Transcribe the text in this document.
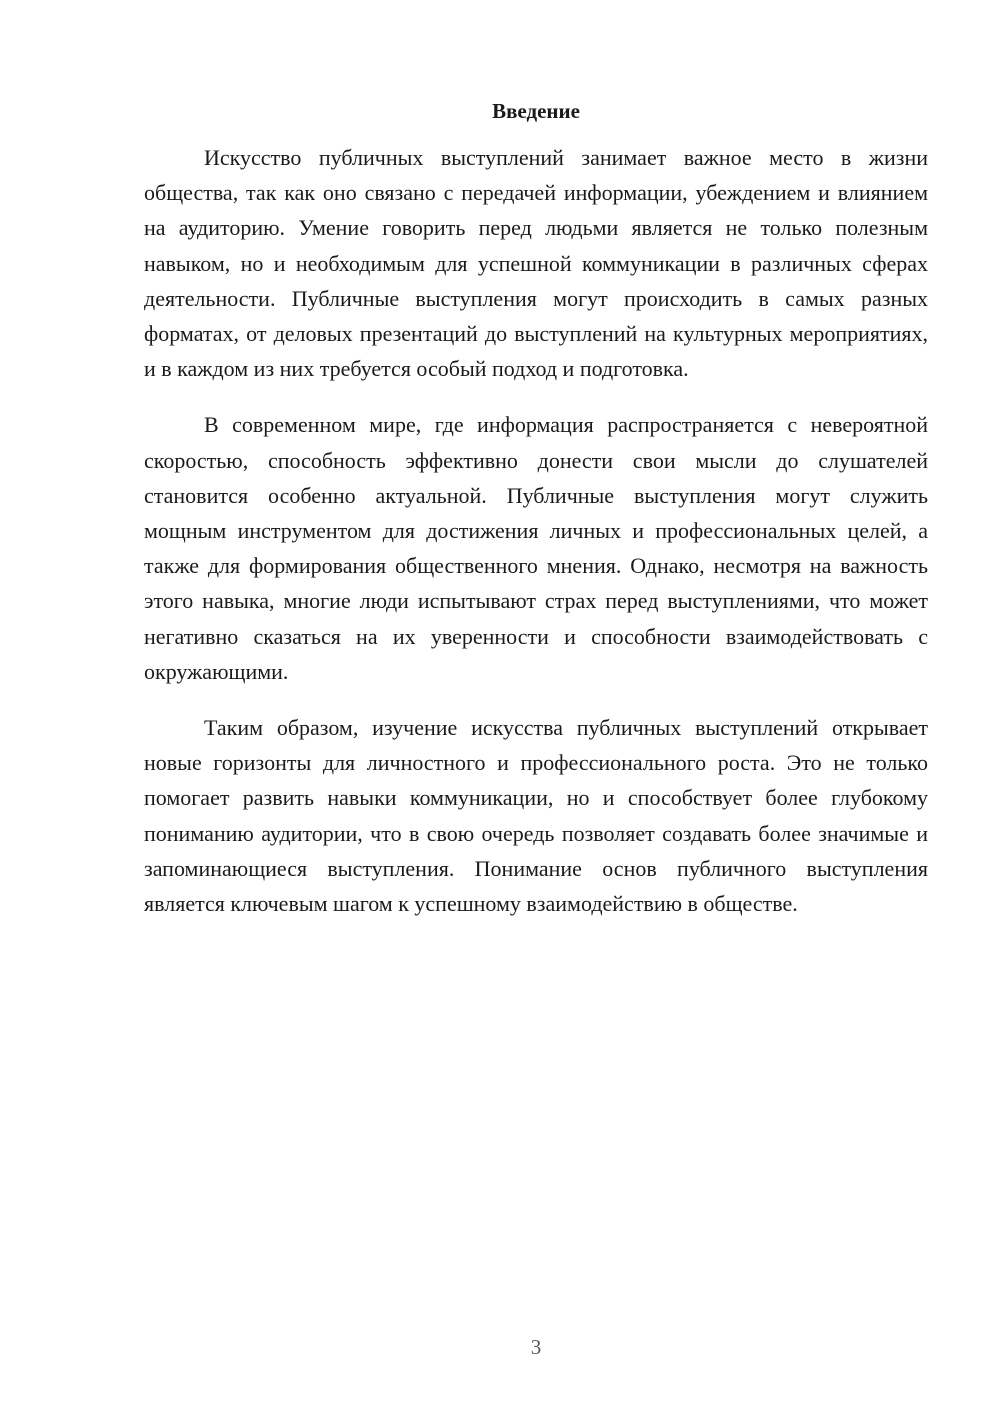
Введение

Искусство публичных выступлений занимает важное место в жизни общества, так как оно связано с передачей информации, убеждением и влиянием на аудиторию. Умение говорить перед людьми является не только полезным навыком, но и необходимым для успешной коммуникации в различных сферах деятельности. Публичные выступления могут происходить в самых разных форматах, от деловых презентаций до выступлений на культурных мероприятиях, и в каждом из них требуется особый подход и подготовка.

В современном мире, где информация распространяется с невероятной скоростью, способность эффективно донести свои мысли до слушателей становится особенно актуальной. Публичные выступления могут служить мощным инструментом для достижения личных и профессиональных целей, а также для формирования общественного мнения. Однако, несмотря на важность этого навыка, многие люди испытывают страх перед выступлениями, что может негативно сказаться на их уверенности и способности взаимодействовать с окружающими.

Таким образом, изучение искусства публичных выступлений открывает новые горизонты для личностного и профессионального роста. Это не только помогает развить навыки коммуникации, но и способствует более глубокому пониманию аудитории, что в свою очередь позволяет создавать более значимые и запоминающиеся выступления. Понимание основ публичного выступления является ключевым шагом к успешному взаимодействию в обществе.

3
